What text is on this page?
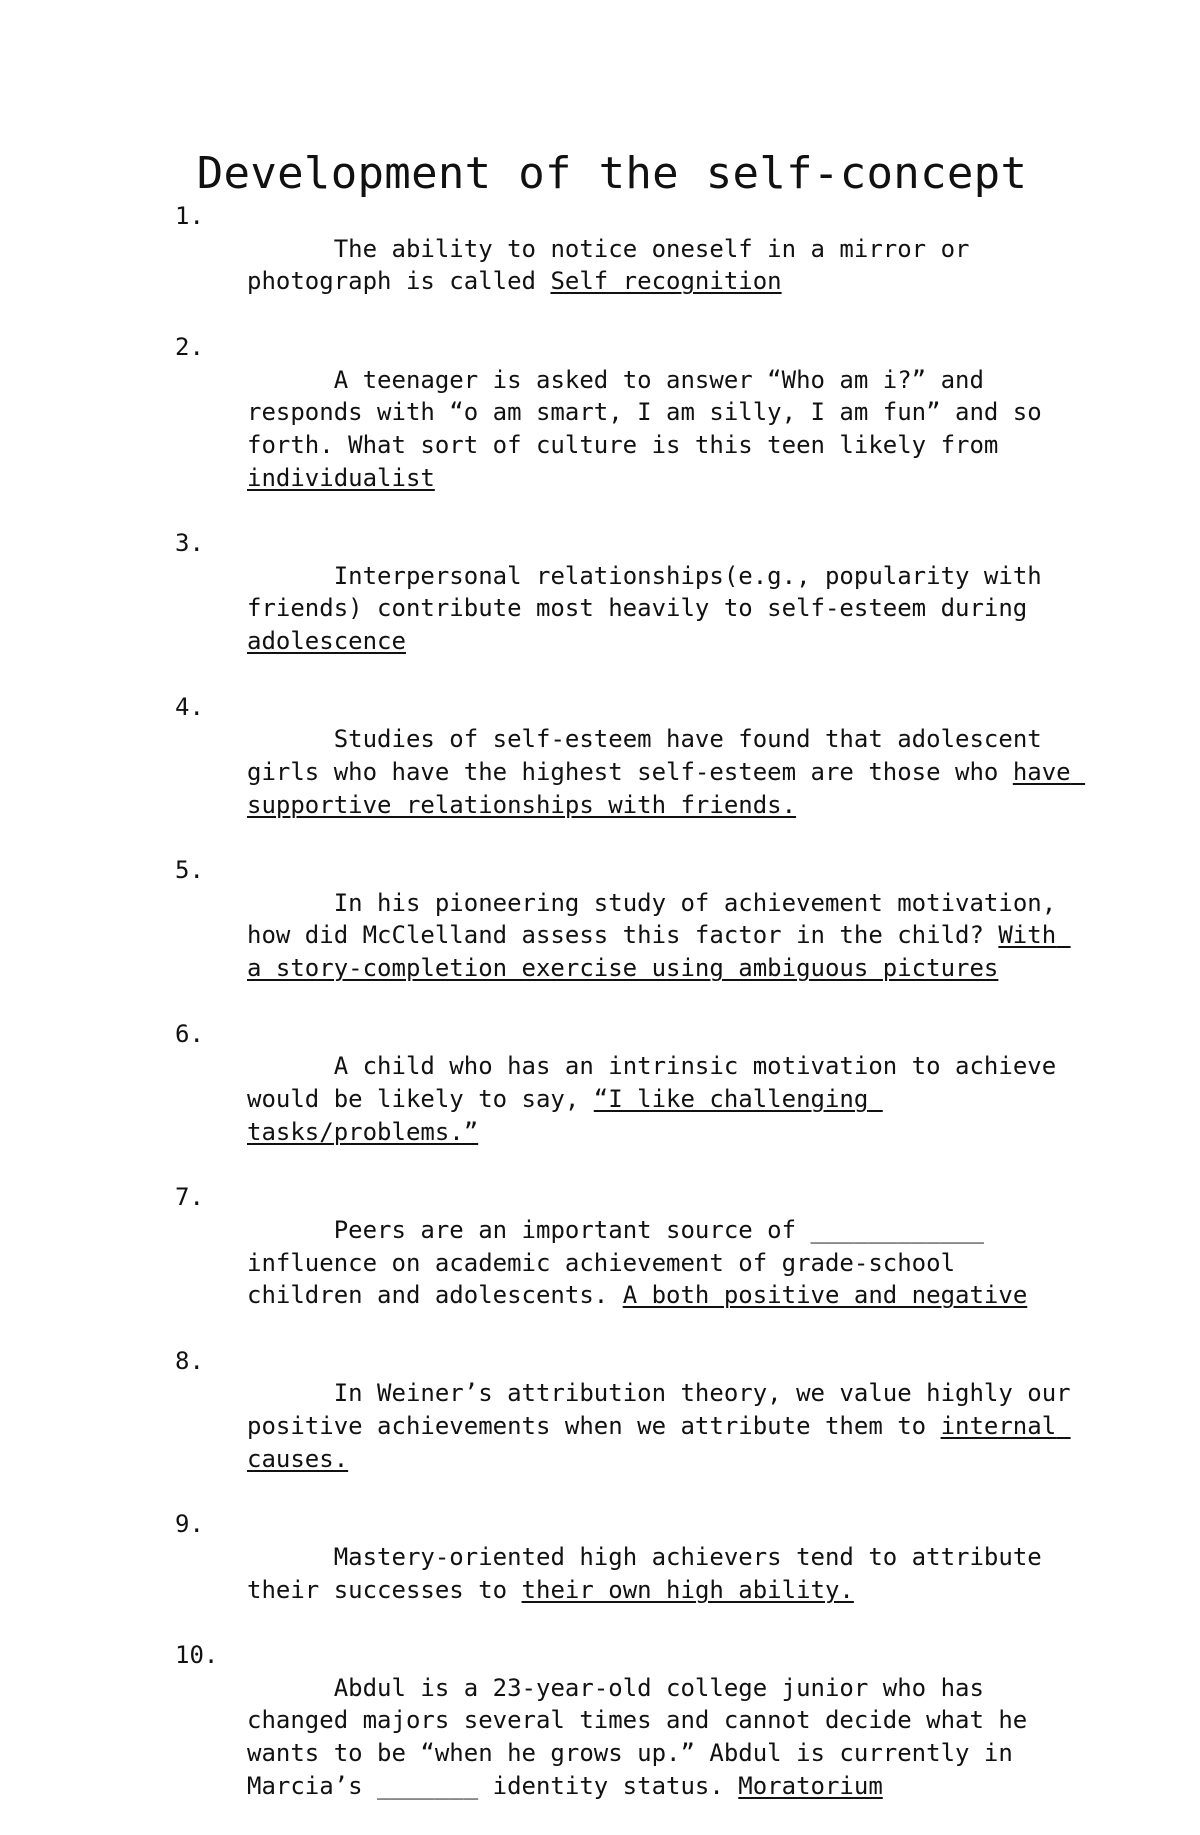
Development of the self-concept

1.
The ability to notice oneself in a mirror or photograph is called Self recognition

2.
A teenager is asked to answer “Who am i?” and responds with “o am smart, I am silly, I am fun” and so forth. What sort of culture is this teen likely from individualist

3.
Interpersonal relationships(e.g., popularity with friends) contribute most heavily to self-esteem during adolescence

4.
Studies of self-esteem have found that adolescent girls who have the highest self-esteem are those who have supportive relationships with friends.

5.
In his pioneering study of achievement motivation, how did McClelland assess this factor in the child? With a story-completion exercise using ambiguous pictures

6.
A child who has an intrinsic motivation to achieve would be likely to say, “I like challenging tasks/problems.”

7.
Peers are an important source of ____________ influence on academic achievement of grade-school children and adolescents. A both positive and negative

8.
In Weiner’s attribution theory, we value highly our positive achievements when we attribute them to internal causes.

9.
Mastery-oriented high achievers tend to attribute their successes to their own high ability.

10.
Abdul is a 23-year-old college junior who has changed majors several times and cannot decide what he wants to be “when he grows up.” Abdul is currently in Marcia’s _______ identity status. Moratorium
